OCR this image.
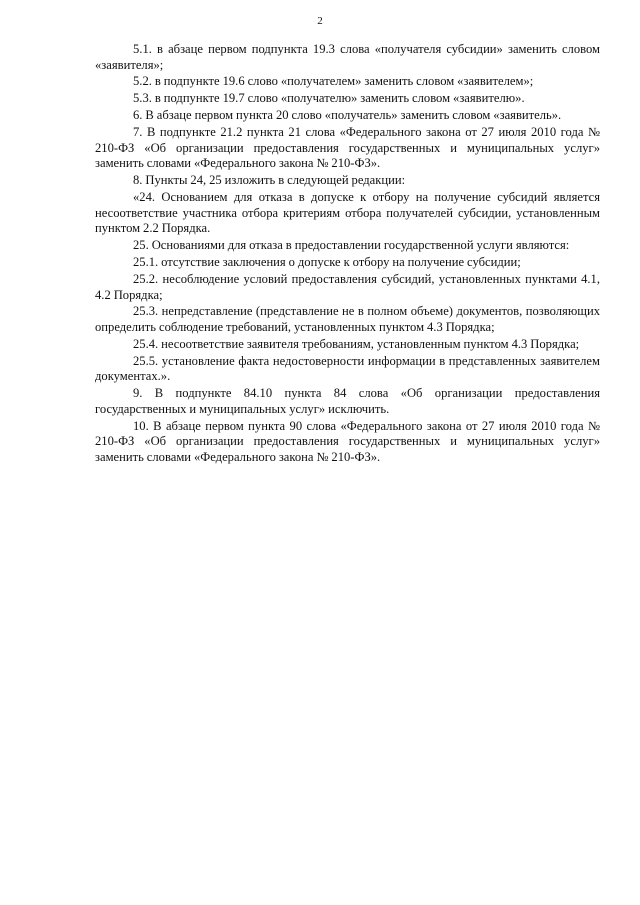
2

5.1. в абзаце первом подпункта 19.3 слова «получателя субсидии» заменить словом «заявителя»;

5.2. в подпункте 19.6 слово «получателем» заменить словом «заявителем»;

5.3. в подпункте 19.7 слово «получателю» заменить словом «заявителю».

6. В абзаце первом пункта 20 слово «получатель» заменить словом «заявитель».

7. В подпункте 21.2 пункта 21 слова «Федерального закона от 27 июля 2010 года № 210-ФЗ «Об организации предоставления государственных и муниципальных услуг» заменить словами «Федерального закона № 210-ФЗ».

8. Пункты 24, 25 изложить в следующей редакции:

«24. Основанием для отказа в допуске к отбору на получение субсидий является несоответствие участника отбора критериям отбора получателей субсидии, установленным пунктом 2.2 Порядка.

25. Основаниями для отказа в предоставлении государственной услуги являются:

25.1. отсутствие заключения о допуске к отбору на получение субсидии;

25.2. несоблюдение условий предоставления субсидий, установленных пунктами 4.1, 4.2 Порядка;

25.3. непредставление (представление не в полном объеме) документов, позволяющих определить соблюдение требований, установленных пунктом 4.3 Порядка;

25.4. несоответствие заявителя требованиям, установленным пунктом 4.3 Порядка;

25.5. установление факта недостоверности информации в представленных заявителем документах.».

9. В подпункте 84.10 пункта 84 слова «Об организации предоставления государственных и муниципальных услуг» исключить.

10. В абзаце первом пункта 90 слова «Федерального закона от 27 июля 2010 года № 210-ФЗ «Об организации предоставления государственных и муниципальных услуг» заменить словами «Федерального закона № 210-ФЗ».
